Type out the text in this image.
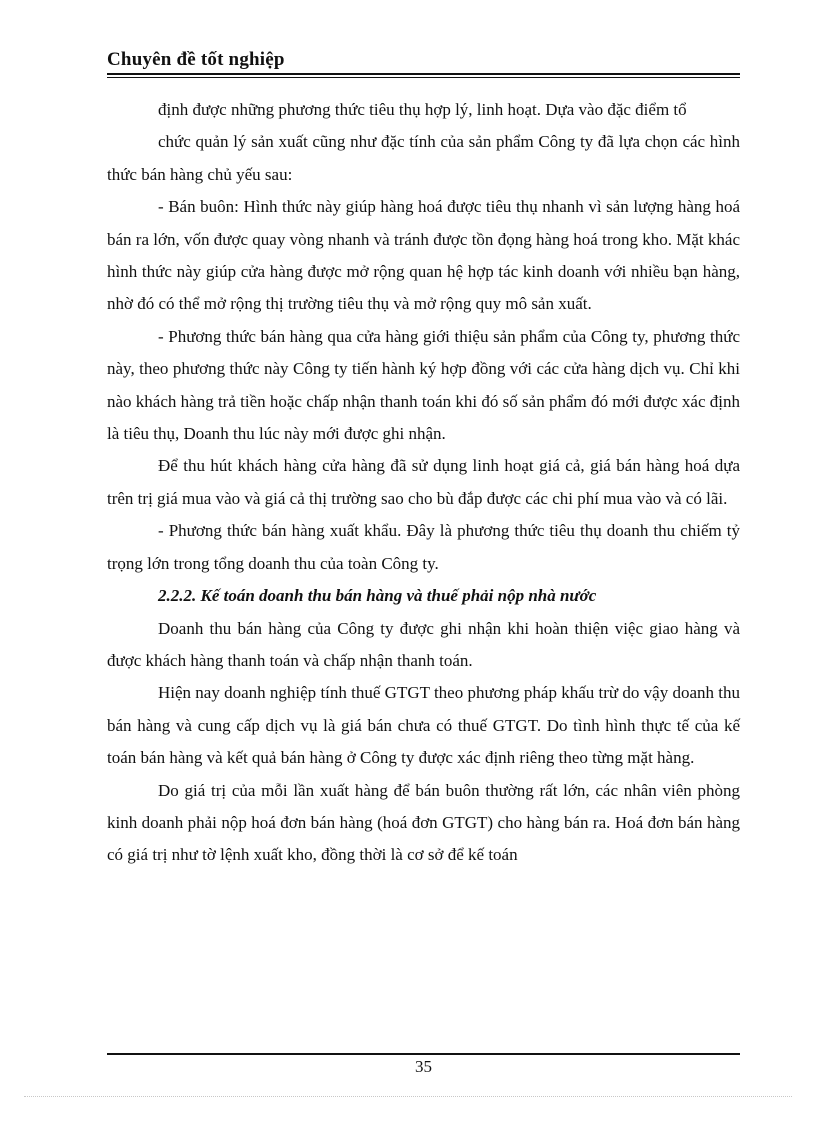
Chuyên đề tốt nghiệp

định được những phương thức tiêu thụ hợp lý, linh hoạt. Dựa vào đặc điểm tổ

chức quản lý sản xuất cũng như đặc tính của sản phẩm Công ty đã lựa chọn các hình thức bán hàng chủ yếu sau:

- Bán buôn: Hình thức này giúp hàng hoá được tiêu thụ nhanh vì sản lượng hàng hoá bán ra lớn, vốn được quay vòng nhanh và tránh được tồn đọng hàng hoá trong kho. Mặt khác hình thức này giúp cửa hàng được mở rộng quan hệ hợp tác kinh doanh với nhiều bạn hàng, nhờ đó có thể mở rộng thị trường tiêu thụ và mở rộng quy mô sản xuất.

- Phương thức bán hàng qua cửa hàng giới thiệu sản phẩm của Công ty, phương thức này, theo phương thức này Công ty tiến hành ký hợp đồng với các cửa hàng dịch vụ. Chỉ khi nào khách hàng trả tiền hoặc chấp nhận thanh toán khi đó số sản phẩm đó mới được xác định là tiêu thụ, Doanh thu lúc này mới được ghi nhận.

Để thu hút khách hàng cửa hàng đã sử dụng linh hoạt giá cả, giá bán hàng hoá dựa trên trị giá mua vào và giá cả thị trường sao cho bù đắp được các chi phí mua vào và có lãi.

- Phương thức bán hàng xuất khẩu. Đây là phương thức tiêu thụ doanh thu chiếm tỷ trọng lớn trong tổng doanh thu của toàn Công ty.

2.2.2. Kế toán doanh thu bán hàng và thuế phải nộp nhà nước

Doanh thu bán hàng của Công ty được ghi nhận khi hoàn thiện việc giao hàng và được khách hàng thanh toán và chấp nhận thanh toán.

Hiện nay doanh nghiệp tính thuế GTGT theo phương pháp khấu trừ do vậy doanh thu bán hàng và cung cấp dịch vụ là giá bán chưa có thuế GTGT. Do tình hình thực tế của kế toán bán hàng và kết quả bán hàng ở Công ty được xác định riêng theo từng mặt hàng.

Do giá trị của mỗi lần xuất hàng để bán buôn thường rất lớn, các nhân viên phòng kinh doanh phải nộp hoá đơn bán hàng (hoá đơn GTGT) cho hàng bán ra. Hoá đơn bán hàng có giá trị như tờ lệnh xuất kho, đồng thời là cơ sở để kế toán

35
